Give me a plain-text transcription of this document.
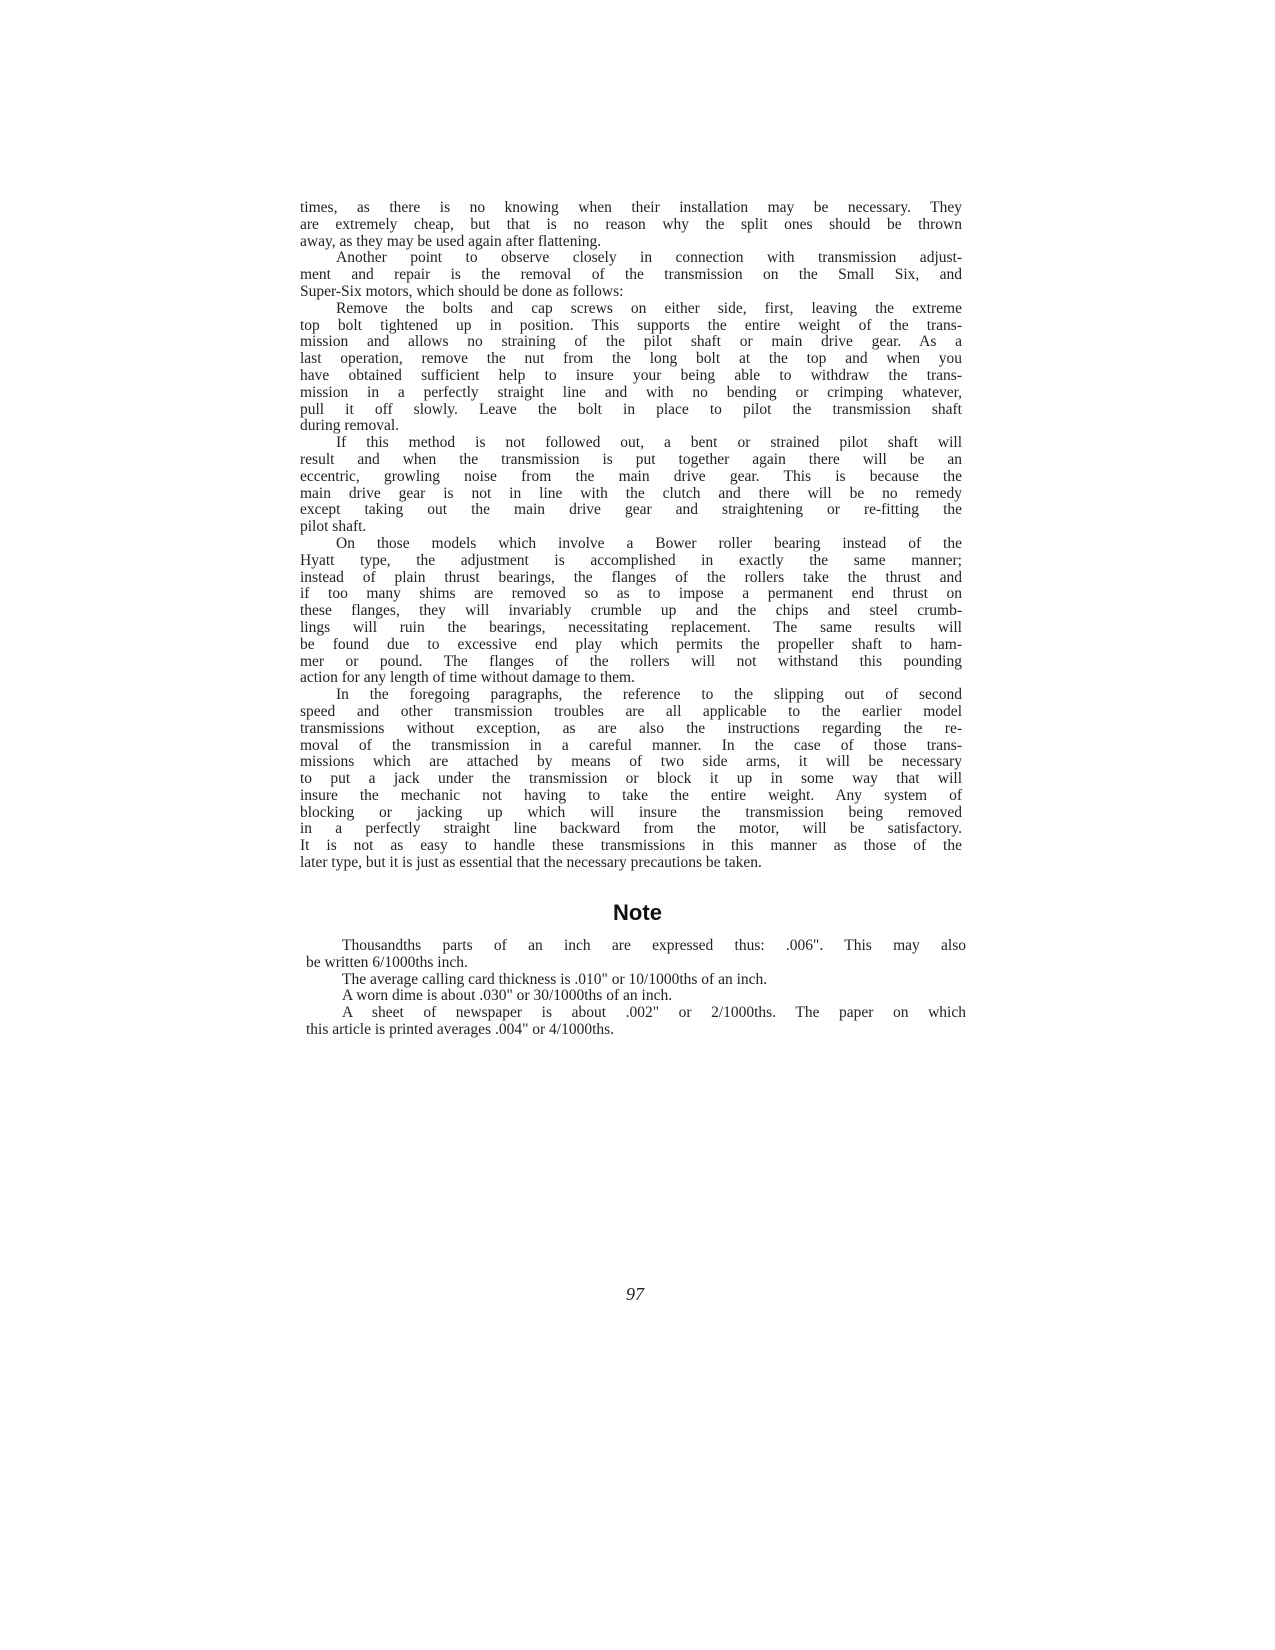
times, as there is no knowing when their installation may be necessary. They
are extremely cheap, but that is no reason why the split ones should be thrown
away, as they may be used again after flattening.
Another point to observe closely in connection with transmission adjust-
ment and repair is the removal of the transmission on the Small Six, and
Super-Six motors, which should be done as follows:
Remove the bolts and cap screws on either side, first, leaving the extreme
top bolt tightened up in position. This supports the entire weight of the trans-
mission and allows no straining of the pilot shaft or main drive gear. As a
last operation, remove the nut from the long bolt at the top and when you
have obtained sufficient help to insure your being able to withdraw the trans-
mission in a perfectly straight line and with no bending or crimping whatever,
pull it off slowly. Leave the bolt in place to pilot the transmission shaft
during removal.
If this method is not followed out, a bent or strained pilot shaft will
result and when the transmission is put together again there will be an
eccentric, growling noise from the main drive gear. This is because the
main drive gear is not in line with the clutch and there will be no remedy
except taking out the main drive gear and straightening or re-fitting the
pilot shaft.
On those models which involve a Bower roller bearing instead of the
Hyatt type, the adjustment is accomplished in exactly the same manner;
instead of plain thrust bearings, the flanges of the rollers take the thrust and
if too many shims are removed so as to impose a permanent end thrust on
these flanges, they will invariably crumble up and the chips and steel crumb-
lings will ruin the bearings, necessitating replacement. The same results will
be found due to excessive end play which permits the propeller shaft to ham-
mer or pound. The flanges of the rollers will not withstand this pounding
action for any length of time without damage to them.
In the foregoing paragraphs, the reference to the slipping out of second
speed and other transmission troubles are all applicable to the earlier model
transmissions without exception, as are also the instructions regarding the re-
moval of the transmission in a careful manner. In the case of those trans-
missions which are attached by means of two side arms, it will be necessary
to put a jack under the transmission or block it up in some way that will
insure the mechanic not having to take the entire weight. Any system of
blocking or jacking up which will insure the transmission being removed
in a perfectly straight line backward from the motor, will be satisfactory.
It is not as easy to handle these transmissions in this manner as those of the
later type, but it is just as essential that the necessary precautions be taken.
Note
Thousandths parts of an inch are expressed thus: .006". This may also
be written 6/1000ths inch.
The average calling card thickness is .010" or 10/1000ths of an inch.
A worn dime is about .030" or 30/1000ths of an inch.
A sheet of newspaper is about .002" or 2/1000ths. The paper on which
this article is printed averages .004" or 4/1000ths.
97
